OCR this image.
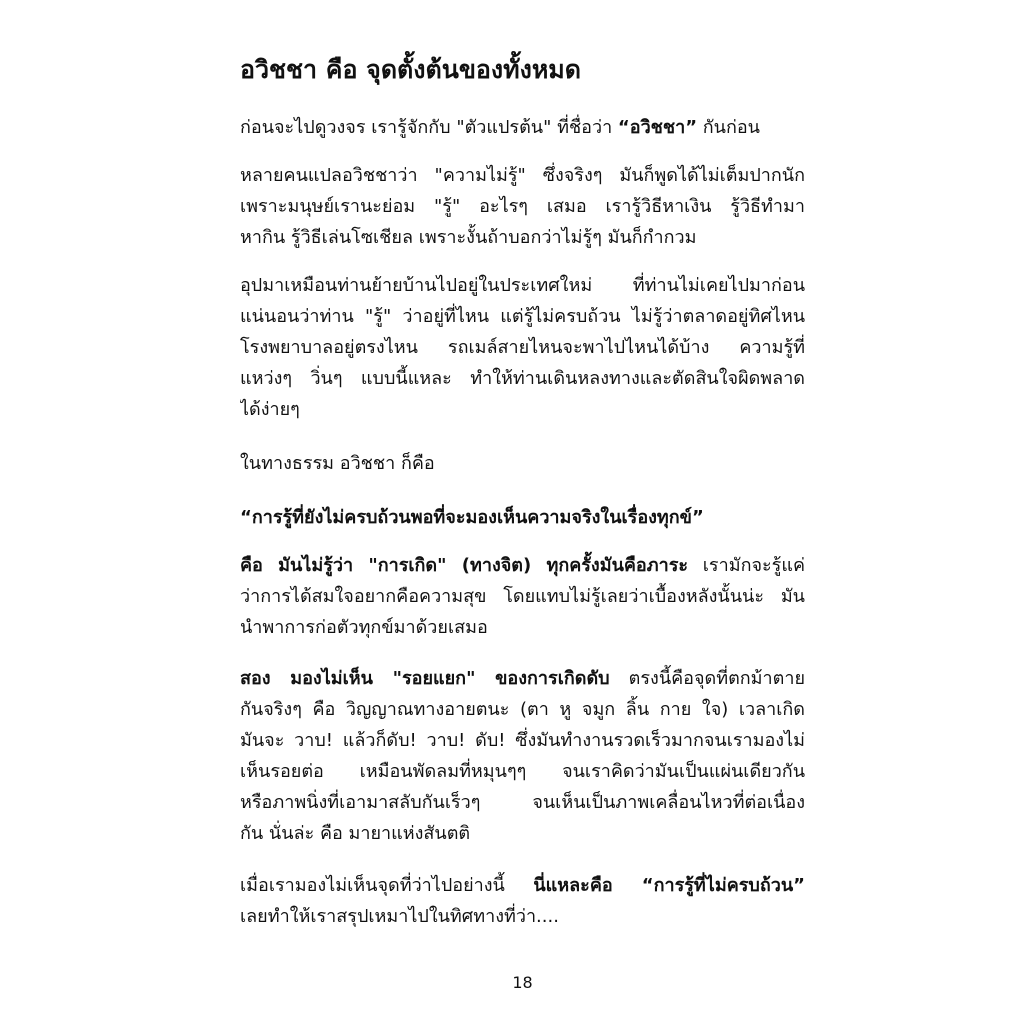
อวิชชา คือ จุดตั้งต้นของทั้งหมด

ก่อนจะไปดูวงจร เรารู้จักกับ "ตัวแปรต้น" ที่ชื่อว่า “อวิชชา” กันก่อน

หลายคนแปลอวิชชาว่า "ความไม่รู้" ซึ่งจริงๆ มันก็พูดได้ไม่เต็มปากนัก
เพราะมนุษย์เรานะย่อม "รู้" อะไรๆ เสมอ เรารู้วิธีหาเงิน รู้วิธีทำมา
หากิน รู้วิธีเล่นโซเชียล เพราะงั้นถ้าบอกว่าไม่รู้ๆ มันก็กำกวม

อุปมาเหมือนท่านย้ายบ้านไปอยู่ในประเทศใหม่ ที่ท่านไม่เคยไปมาก่อน
แน่นอนว่าท่าน "รู้" ว่าอยู่ที่ไหน แต่รู้ไม่ครบถ้วน ไม่รู้ว่าตลาดอยู่ทิศไหน
โรงพยาบาลอยู่ตรงไหน รถเมล์สายไหนจะพาไปไหนได้บ้าง ความรู้ที่
แหว่งๆ วิ่นๆ แบบนี้แหละ ทำให้ท่านเดินหลงทางและตัดสินใจผิดพลาด
ได้ง่ายๆ

ในทางธรรม อวิชชา ก็คือ

“การรู้ที่ยังไม่ครบถ้วนพอที่จะมองเห็นความจริงในเรื่องทุกข์”

คือ มันไม่รู้ว่า "การเกิด" (ทางจิต) ทุกครั้งมันคือภาระ เรามักจะรู้แค่
ว่าการได้สมใจอยากคือความสุข โดยแทบไม่รู้เลยว่าเบื้องหลังนั้นน่ะ มัน
นำพาการก่อตัวทุกข์มาด้วยเสมอ

สอง มองไม่เห็น "รอยแยก" ของการเกิดดับ ตรงนี้คือจุดที่ตกม้าตาย
กันจริงๆ คือ วิญญาณทางอายตนะ (ตา หู จมูก ลิ้น กาย ใจ) เวลาเกิด
มันจะ วาบ! แล้วก็ดับ! วาบ! ดับ! ซึ่งมันทำงานรวดเร็วมากจนเรามองไม่
เห็นรอยต่อ เหมือนพัดลมที่หมุนๆๆ จนเราคิดว่ามันเป็นแผ่นเดียวกัน
หรือภาพนิ่งที่เอามาสลับกันเร็วๆ จนเห็นเป็นภาพเคลื่อนไหวที่ต่อเนื่อง
กัน นั่นล่ะ คือ มายาแห่งสันตติ

เมื่อเรามองไม่เห็นจุดที่ว่าไปอย่างนี้ นี่แหละคือ “การรู้ที่ไม่ครบถ้วน”
เลยทำให้เราสรุปเหมาไปในทิศทางที่ว่า....

18
